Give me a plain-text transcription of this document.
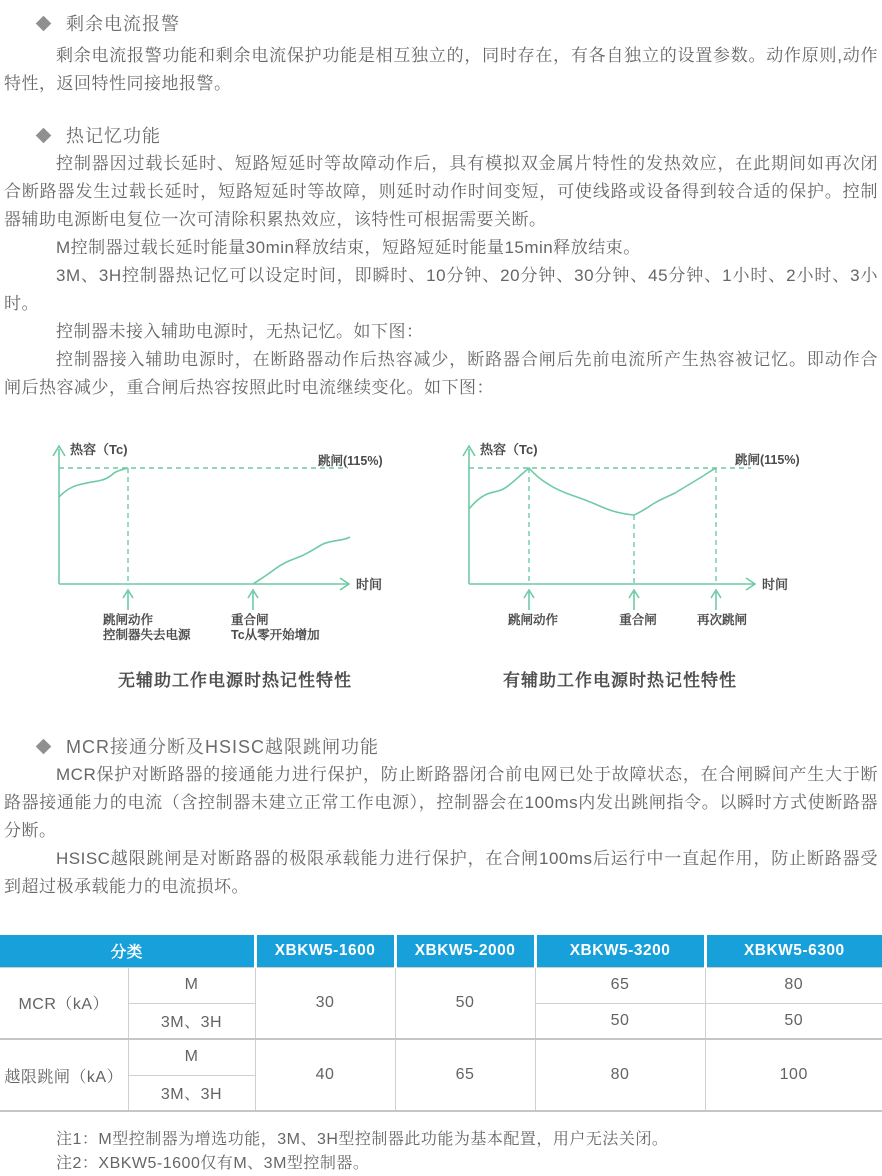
剩余电流报警

剩余电流报警功能和剩余电流保护功能是相互独立的，同时存在，有各自独立的设置参数。动作原则,动作特性，返回特性同接地报警。

热记忆功能

控制器因过载长延时、短路短延时等故障动作后，具有模拟双金属片特性的发热效应，在此期间如再次闭合断路器发生过载长延时，短路短延时等故障，则延时动作时间变短，可使线路或设备得到较合适的保护。控制器辅助电源断电复位一次可清除积累热效应，该特性可根据需要关断。

M控制器过载长延时能量30min释放结束，短路短延时能量15min释放结束。

3M、3H控制器热记忆可以设定时间，即瞬时、10分钟、20分钟、30分钟、45分钟、1小时、2小时、3小时。

控制器未接入辅助电源时，无热记忆。如下图：

控制器接入辅助电源时，在断路器动作后热容减少，断路器合闸后先前电流所产生热容被记忆。即动作合闸后热容减少，重合闸后热容按照此时电流继续变化。如下图：

热容（Tc)
跳闸(115%)
时间
跳闸动作
控制器失去电源
重合闸
Tc从零开始增加
无辅助工作电源时热记性特性
热容（Tc)
跳闸(115%)
时间
跳闸动作	重合闸	再次跳闸
有辅助工作电源时热记性特性
MCR接通分断及HSISC越限跳闸功能

MCR保护对断路器的接通能力进行保护，防止断路器闭合前电网已处于故障状态，在合闸瞬间产生大于断路器接通能力的电流（含控制器未建立正常工作电源），控制器会在100ms内发出跳闸指令。以瞬时方式使断路器分断。

HSISC越限跳闸是对断路器的极限承载能力进行保护，在合闸100ms后运行中一直起作用，防止断路器受到超过极承载能力的电流损坏。

分类		XBKW5-1600	XBKW5-2000	XBKW5-3200	XBKW5-6300
MCR（kA）	M	30	50	65	80
	3M、3H			50	50
越限跳闸（kA）	M	40	65	80	100
	3M、3H				
注1：M型控制器为增选功能，3M、3H型控制器此功能为基本配置，用户无法关闭。
注2：XBKW5-1600仅有M、3M型控制器。
